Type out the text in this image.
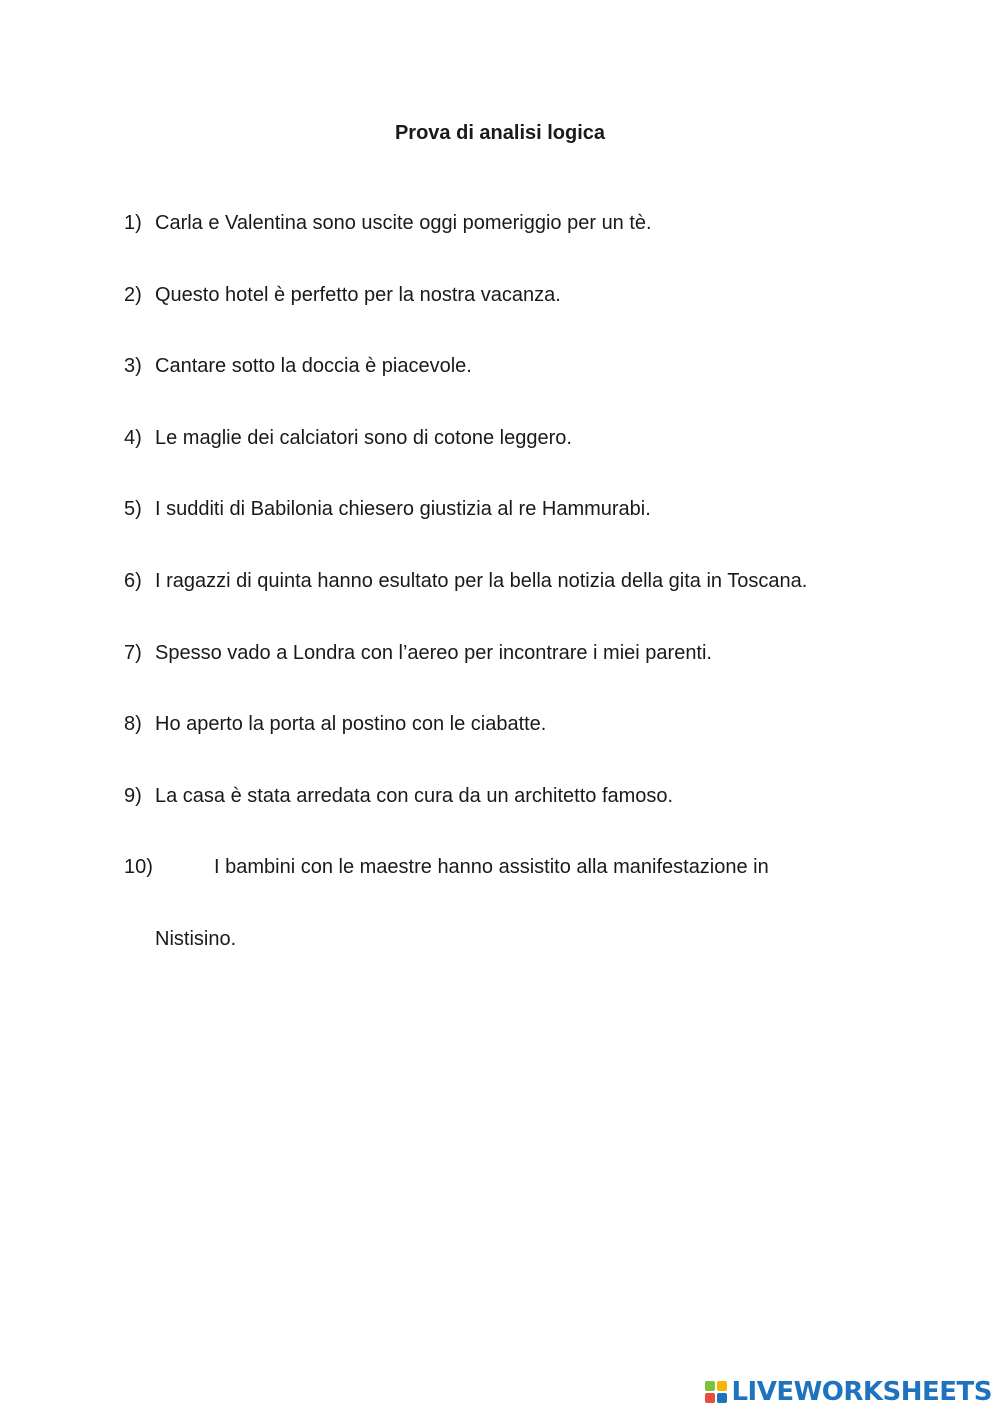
Prova di analisi logica
1) Carla e Valentina sono uscite oggi pomeriggio per un tè.
2) Questo hotel è perfetto per la nostra vacanza.
3) Cantare sotto la doccia è piacevole.
4) Le maglie dei calciatori sono di cotone leggero.
5) I sudditi di Babilonia chiesero giustizia al re Hammurabi.
6) I ragazzi di quinta hanno esultato per la bella notizia della gita in Toscana.
7) Spesso vado a Londra con l’aereo per incontrare i miei parenti.
8) Ho aperto la porta al postino con le ciabatte.
9) La casa è stata arredata con cura da un architetto famoso.
10)	I bambini con le maestre hanno assistito alla manifestazione in
Nistisino.
LIVEWORKSHEETS
